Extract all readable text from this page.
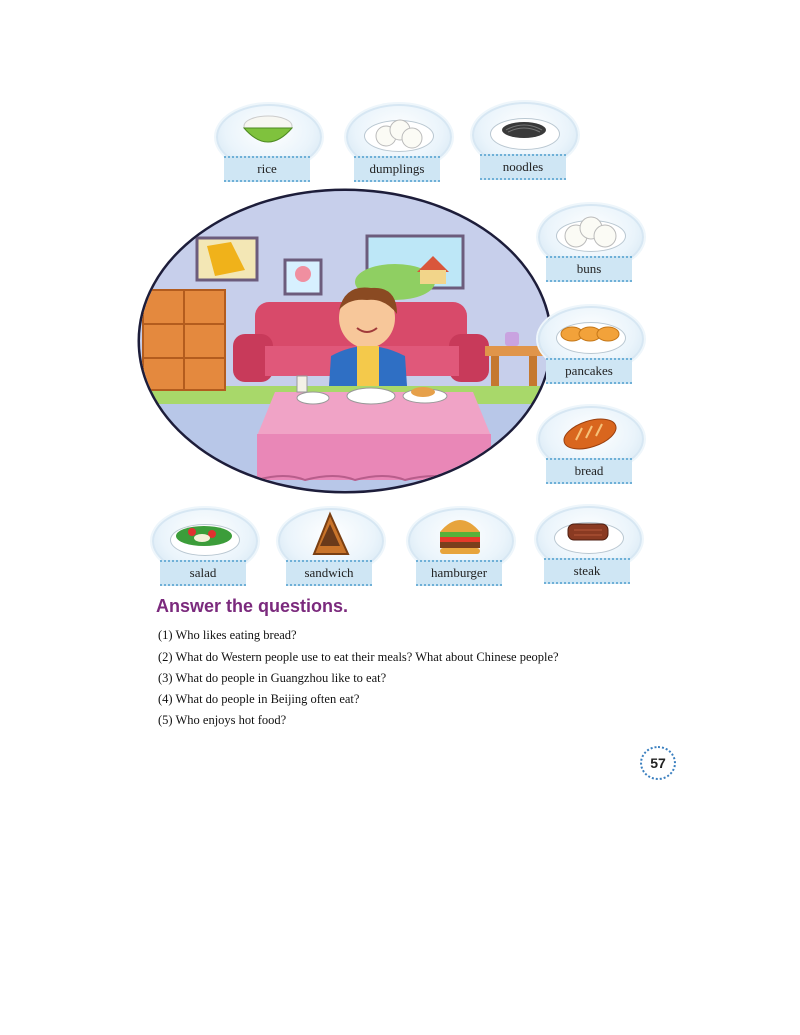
rice	dumplings	noodles
buns
pancakes
bread
salad	sandwich	hamburger	steak
Answer the questions.
(1) Who likes eating bread?
(2) What do Western people use to eat their meals? What about Chinese people?
(3) What do people in Guangzhou like to eat?
(4) What do people in Beijing often eat?
(5) Who enjoys hot food?
57
